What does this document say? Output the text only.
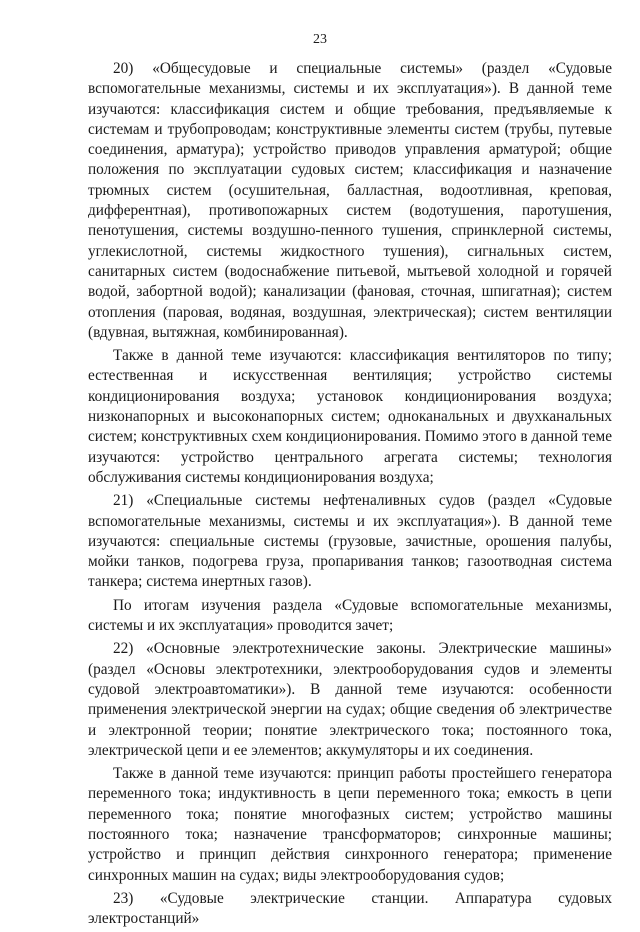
23

20) «Общесудовые и специальные системы» (раздел «Судовые вспомогательные механизмы, системы и их эксплуатация»). В данной теме изучаются: классификация систем и общие требования, предъявляемые к системам и трубопроводам; конструктивные элементы систем (трубы, путевые соединения, арматура); устройство приводов управления арматурой; общие положения по эксплуатации судовых систем; классификация и назначение трюмных систем (осушительная, балластная, водоотливная, креповая, дифферентная), противопожарных систем (водотушения, паротушения, пенотушения, системы воздушно-пенного тушения, спринклерной системы, углекислотной, системы жидкостного тушения), сигнальных систем, санитарных систем (водоснабжение питьевой, мытьевой холодной и горячей водой, забортной водой); канализации (фановая, сточная, шпигатная); систем отопления (паровая, водяная, воздушная, электрическая); систем вентиляции (вдувная, вытяжная, комбинированная).

Также в данной теме изучаются: классификация вентиляторов по типу; естественная и искусственная вентиляция; устройство системы кондиционирования воздуха; установок кондиционирования воздуха; низконапорных и высоконапорных систем; одноканальных и двухканальных систем; конструктивных схем кондиционирования. Помимо этого в данной теме изучаются: устройство центрального агрегата системы; технология обслуживания системы кондиционирования воздуха;

21) «Специальные системы нефтеналивных судов (раздел «Судовые вспомогательные механизмы, системы и их эксплуатация»). В данной теме изучаются: специальные системы (грузовые, зачистные, орошения палубы, мойки танков, подогрева груза, пропаривания танков; газоотводная система танкера; система инертных газов).

По итогам изучения раздела «Судовые вспомогательные механизмы, системы и их эксплуатация» проводится зачет;

22) «Основные электротехнические законы. Электрические машины» (раздел «Основы электротехники, электрооборудования судов и элементы судовой электроавтоматики»). В данной теме изучаются: особенности применения электрической энергии на судах; общие сведения об электричестве и электронной теории; понятие электрического тока; постоянного тока, электрической цепи и ее элементов; аккумуляторы и их соединения.

Также в данной теме изучаются: принцип работы простейшего генератора переменного тока; индуктивность в цепи переменного тока; емкость в цепи переменного тока; понятие многофазных систем; устройство машины постоянного тока; назначение трансформаторов; синхронные машины; устройство и принцип действия синхронного генератора; применение синхронных машин на судах; виды электрооборудования судов;

23) «Судовые электрические станции. Аппаратура судовых электростанций»
